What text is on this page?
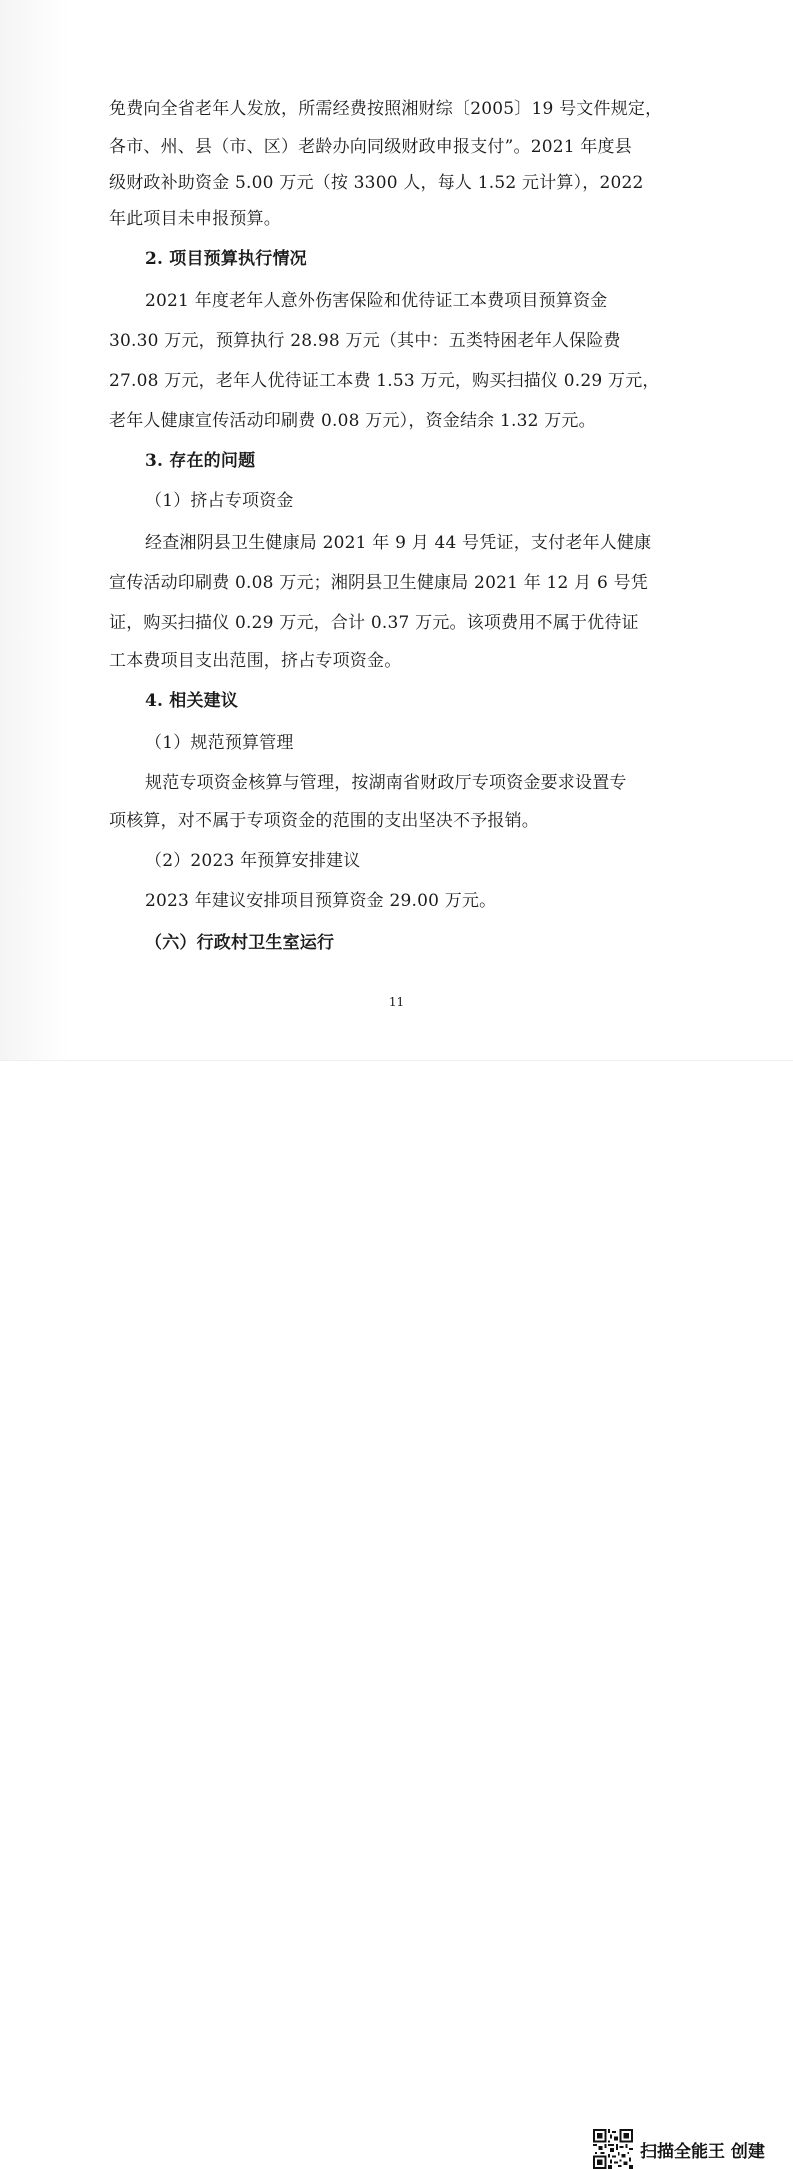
免费向全省老年人发放，所需经费按照湘财综〔2005〕19 号文件规定，
各市、州、县（市、区）老龄办向同级财政申报支付”。2021 年度县
级财政补助资金 5.00 万元（按 3300 人，每人 1.52 元计算），2022
年此项目未申报预算。
2. 项目预算执行情况
2021 年度老年人意外伤害保险和优待证工本费项目预算资金
30.30 万元，预算执行 28.98 万元（其中：五类特困老年人保险费
27.08 万元，老年人优待证工本费 1.53 万元，购买扫描仪 0.29 万元，
老年人健康宣传活动印刷费 0.08 万元），资金结余 1.32 万元。
3. 存在的问题
（1）挤占专项资金
经查湘阴县卫生健康局 2021 年 9 月 44 号凭证，支付老年人健康
宣传活动印刷费 0.08 万元；湘阴县卫生健康局 2021 年 12 月 6 号凭
证，购买扫描仪 0.29 万元，合计 0.37 万元。该项费用不属于优待证
工本费项目支出范围，挤占专项资金。
4. 相关建议
（1）规范预算管理
规范专项资金核算与管理，按湖南省财政厅专项资金要求设置专
项核算，对不属于专项资金的范围的支出坚决不予报销。
（2）2023 年预算安排建议
2023 年建议安排项目预算资金 29.00 万元。
（六）行政村卫生室运行
11
扫描全能王 创建
